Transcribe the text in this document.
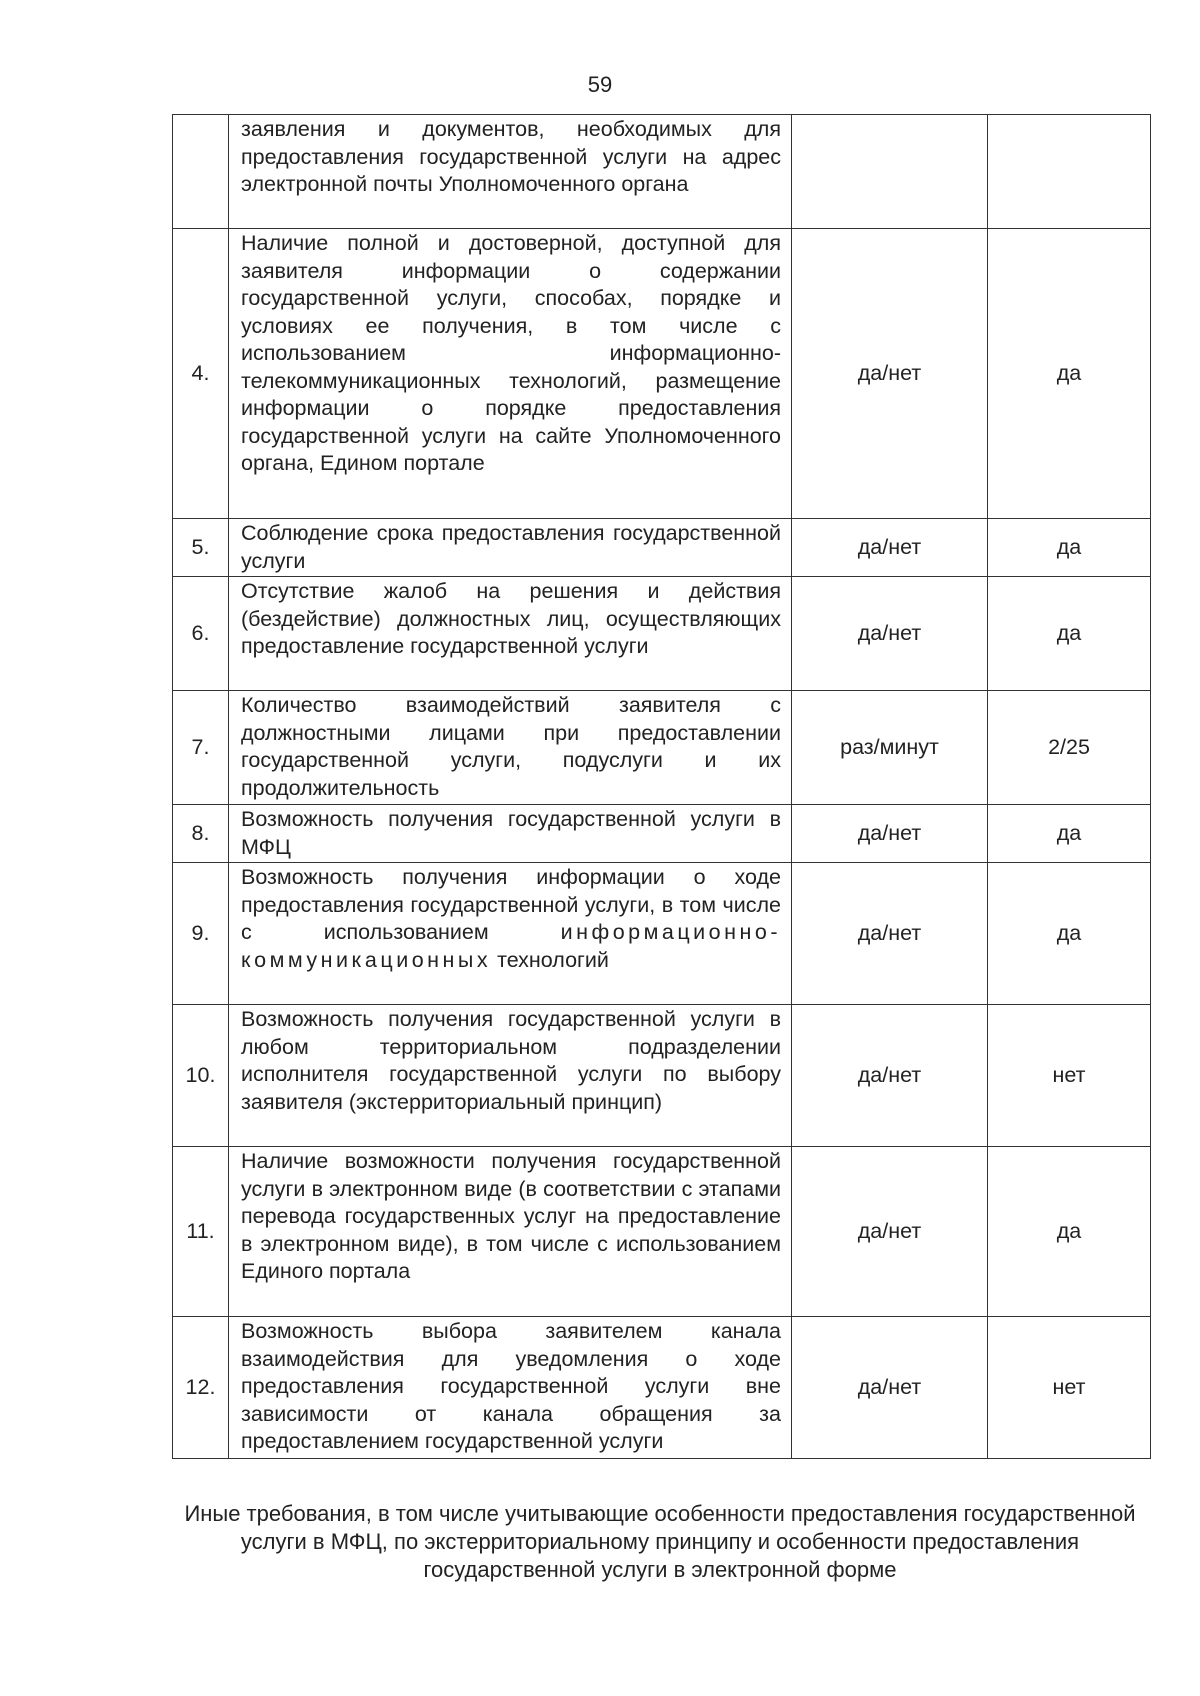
59
	заявления и документов, необходимых для предоставления государственной услуги на адрес электронной почты Уполномоченного органа		
4.	Наличие полной и достоверной, доступной для заявителя информации о содержании государственной услуги, способах, порядке и условиях ее получения, в том числе с использованием информационно-телекоммуникационных технологий, размещение информации о порядке предоставления государственной услуги на сайте Уполномоченного органа, Едином портале	да/нет	да
5.	Соблюдение срока предоставления государственной услуги	да/нет	да
6.	Отсутствие жалоб на решения и действия (бездействие) должностных лиц, осуществляющих предоставление государственной услуги	да/нет	да
7.	Количество взаимодействий заявителя с должностными лицами при предоставлении государственной услуги, подуслуги и их продолжительность	раз/минут	2/25
8.	Возможность получения государственной услуги в МФЦ	да/нет	да
9.	Возможность получения информации о ходе предоставления государственной услуги, в том числе с использованием информационно-коммуникационных технологий	да/нет	да
10.	Возможность получения государственной услуги в любом территориальном подразделении исполнителя государственной услуги по выбору заявителя (экстерриториальный принцип)	да/нет	нет
11.	Наличие возможности получения государственной услуги в электронном виде (в соответствии с этапами перевода государственных услуг на предоставление в электронном виде), в том числе с использованием Единого портала	да/нет	да
12.	Возможность выбора заявителем канала взаимодействия для уведомления о ходе предоставления государственной услуги вне зависимости от канала обращения за предоставлением государственной услуги	да/нет	нет
Иные требования, в том числе учитывающие особенности предоставления государственной услуги в МФЦ, по экстерриториальному принципу и особенности предоставления государственной услуги в электронной форме
